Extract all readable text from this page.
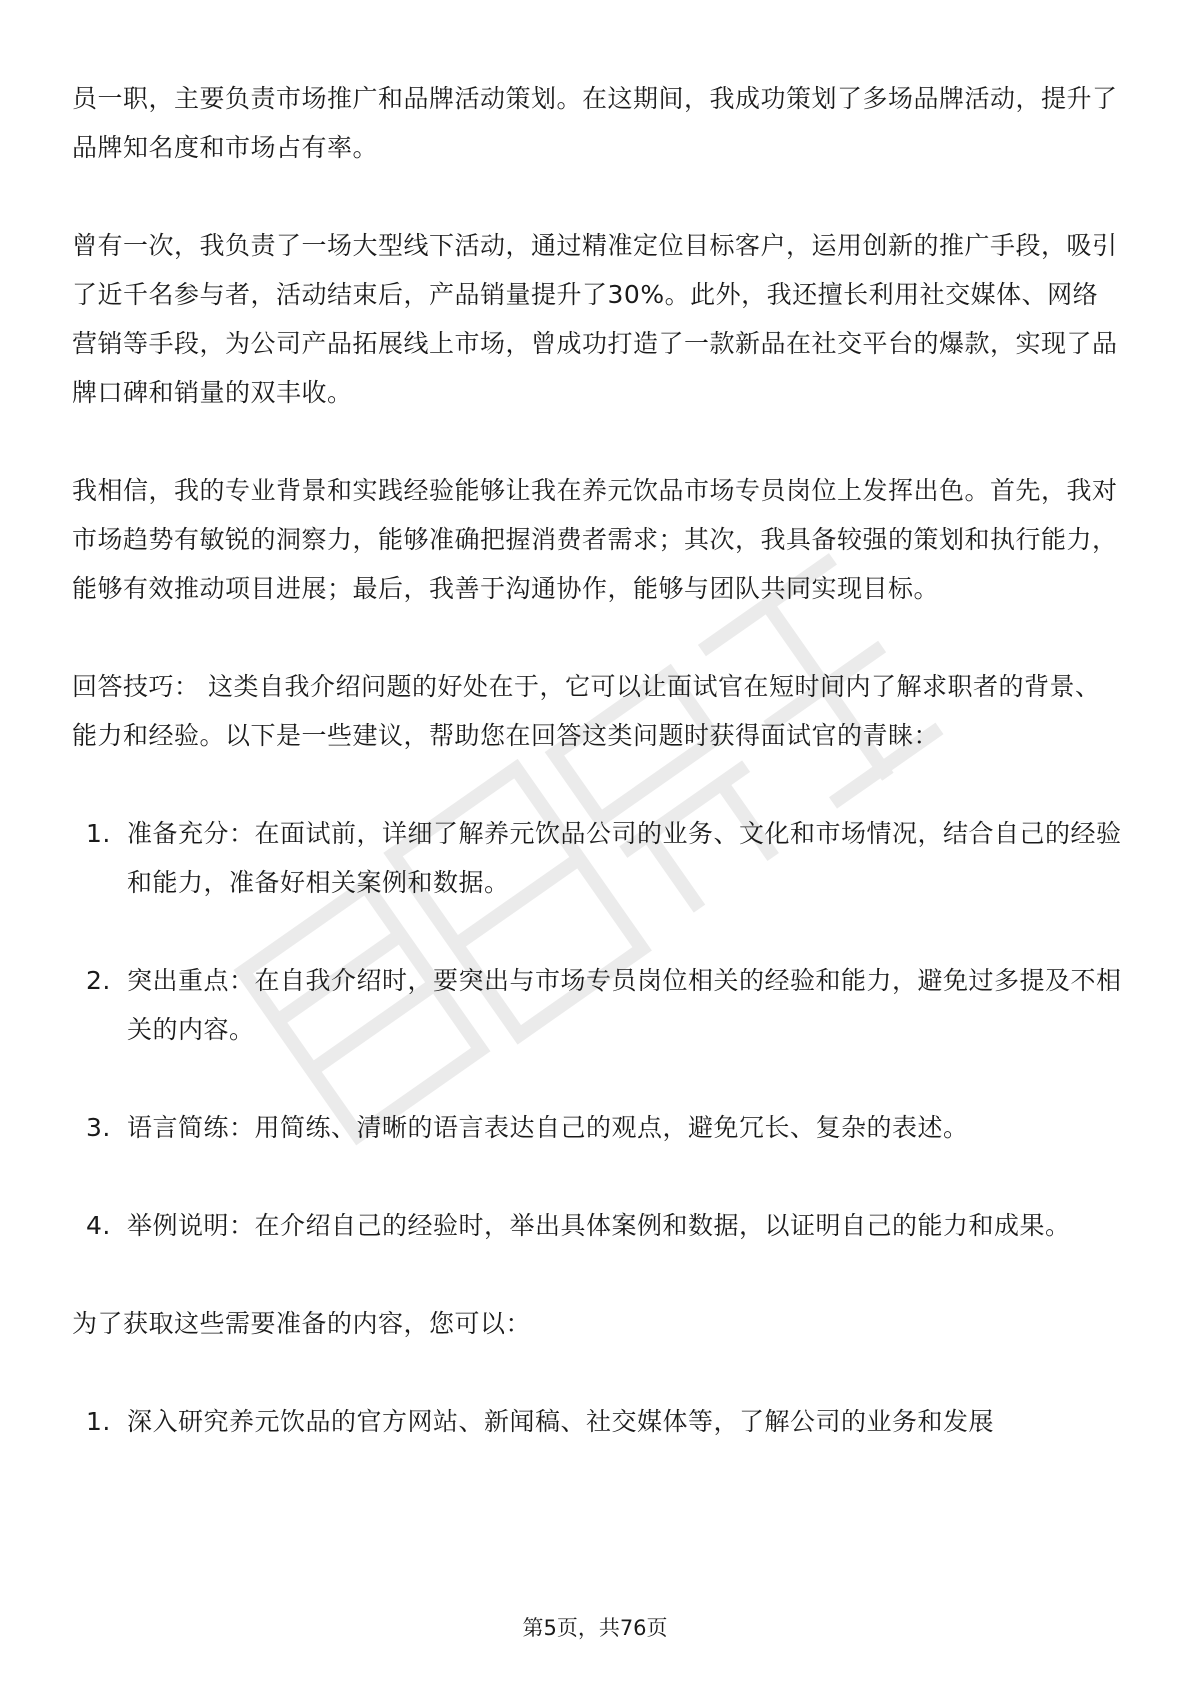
员一职，主要负责市场推广和品牌活动策划。在这期间，我成功策划了多场品牌活动，提升了品牌知名度和市场占有率。

曾有一次，我负责了一场大型线下活动，通过精准定位目标客户，运用创新的推广手段，吸引了近千名参与者，活动结束后，产品销量提升了30%。此外，我还擅长利用社交媒体、网络营销等手段，为公司产品拓展线上市场，曾成功打造了一款新品在社交平台的爆款，实现了品牌口碑和销量的双丰收。

我相信，我的专业背景和实践经验能够让我在养元饮品市场专员岗位上发挥出色。首先，我对市场趋势有敏锐的洞察力，能够准确把握消费者需求；其次，我具备较强的策划和执行能力，能够有效推动项目进展；最后，我善于沟通协作，能够与团队共同实现目标。

回答技巧： 这类自我介绍问题的好处在于，它可以让面试官在短时间内了解求职者的背景、能力和经验。以下是一些建议，帮助您在回答这类问题时获得面试官的青睐：

1. 准备充分：在面试前，详细了解养元饮品公司的业务、文化和市场情况，结合自己的经验和能力，准备好相关案例和数据。
2. 突出重点：在自我介绍时，要突出与市场专员岗位相关的经验和能力，避免过多提及不相关的内容。
3. 语言简练：用简练、清晰的语言表达自己的观点，避免冗长、复杂的表述。
4. 举例说明：在介绍自己的经验时，举出具体案例和数据，以证明自己的能力和成果。

为了获取这些需要准备的内容，您可以：

1. 深入研究养元饮品的官方网站、新闻稿、社交媒体等，了解公司的业务和发展
第5页，共76页
